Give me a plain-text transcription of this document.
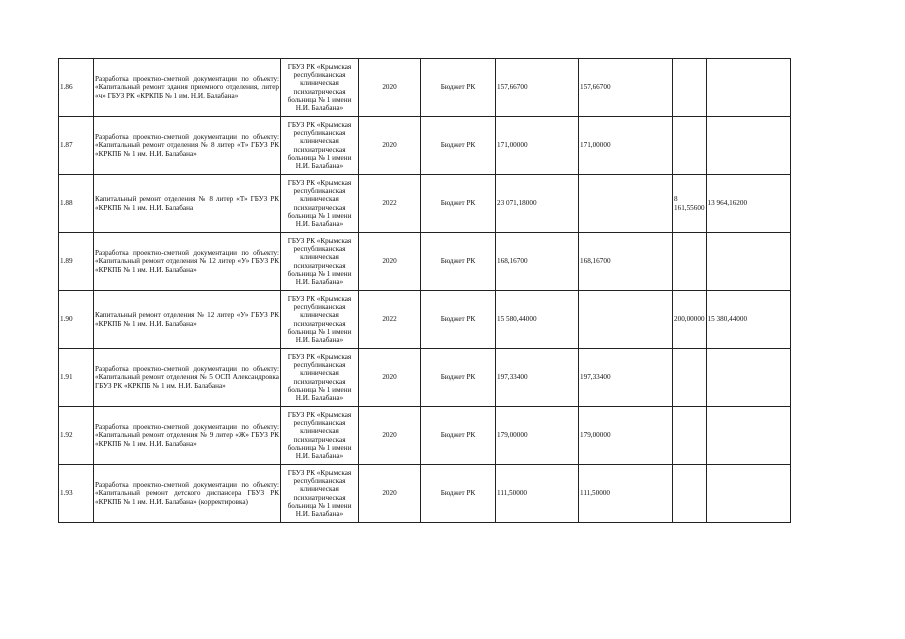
1.86	Разработка проектно-сметной документации по объекту: «Капитальный ремонт здания приемного отделения, литер «ч» ГБУЗ РК «КРКПБ № 1 им. Н.И. Балабана»	ГБУЗ РК «Крымская республиканская клиническая психиатрическая больница № 1 имени Н.И. Балабана»	2020	Бюджет РК	157,66700	157,66700		
1.87	Разработка проектно-сметной документации по объекту: «Капитальный ремонт отделения № 8 литер «Т» ГБУЗ РК «КРКПБ № 1 им. Н.И. Балабана»	ГБУЗ РК «Крымская республиканская клиническая психиатрическая больница № 1 имени Н.И. Балабана»	2020	Бюджет РК	171,00000	171,00000		
1.88	Капитальный ремонт отделения № 8 литер «Т» ГБУЗ РК «КРКПБ № 1 им. Н.И. Балабана	ГБУЗ РК «Крымская республиканская клиническая психиатрическая больница № 1 имени Н.И. Балабана»	2022	Бюджет РК	23 071,18000		8 161,55600	13 964,16200
1.89	Разработка проектно-сметной документации по объекту: «Капитальный ремонт отделения № 12 литер «У» ГБУЗ РК «КРКПБ № 1 им. Н.И. Балабана»	ГБУЗ РК «Крымская республиканская клиническая психиатрическая больница № 1 имени Н.И. Балабана»	2020	Бюджет РК	168,16700	168,16700		
1.90	Капитальный ремонт отделения № 12 литер «У» ГБУЗ РК «КРКПБ № 1 им. Н.И. Балабана»	ГБУЗ РК «Крымская республиканская клиническая психиатрическая больница № 1 имени Н.И. Балабана»	2022	Бюджет РК	15 580,44000		200,00000	15 380,44000
1.91	Разработка проектно-сметной документации по объекту: «Капитальный ремонт отделения № 5 ОСП Александровка ГБУЗ РК «КРКПБ № 1 им. Н.И. Балабана»	ГБУЗ РК «Крымская республиканская клиническая психиатрическая больница № 1 имени Н.И. Балабана»	2020	Бюджет РК	197,33400	197,33400		
1.92	Разработка проектно-сметной документации по объекту: «Капитальный ремонт отделения № 9 литер «Ж» ГБУЗ РК «КРКПБ № 1 им. Н.И. Балабана»	ГБУЗ РК «Крымская республиканская клиническая психиатрическая больница № 1 имени Н.И. Балабана»	2020	Бюджет РК	179,00000	179,00000		
1.93	Разработка проектно-сметной документации по объекту: «Капитальный ремонт детского диспансера ГБУЗ РК «КРКПБ № 1 им. Н.И. Балабана» (корректировка)	ГБУЗ РК «Крымская республиканская клиническая психиатрическая больница № 1 имени Н.И. Балабана»	2020	Бюджет РК	111,50000	111,50000		
